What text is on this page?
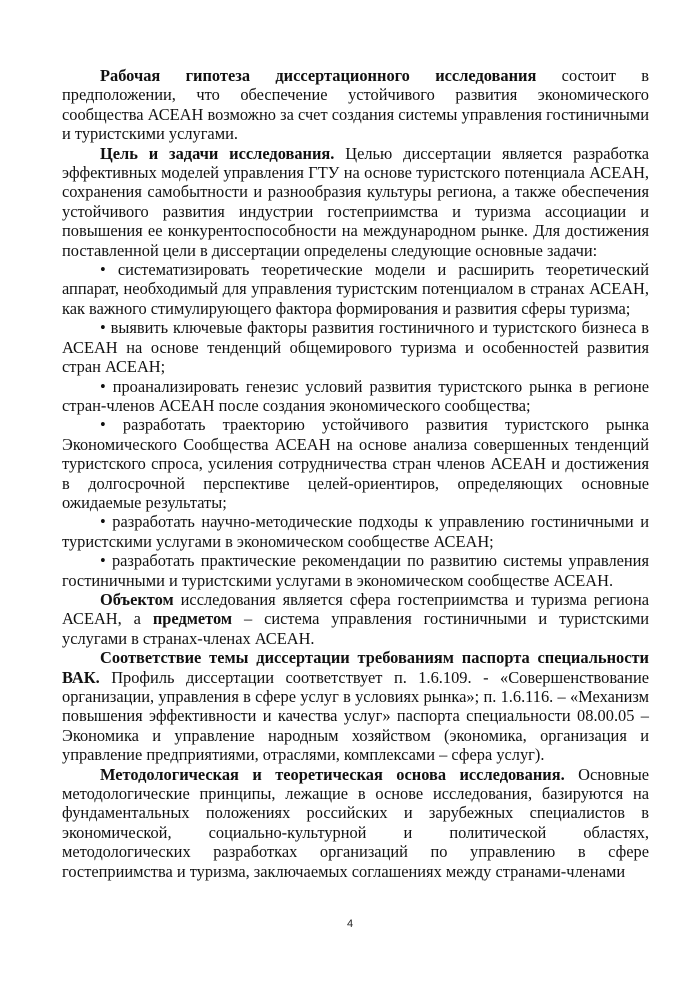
Рабочая гипотеза диссертационного исследования состоит в предположении, что обеспечение устойчивого развития экономического сообщества АСЕАН возможно за счет создания системы управления гостиничными и туристскими услугами.

Цель и задачи исследования. Целью диссертации является разработка эффективных моделей управления ГТУ на основе туристского потенциала АСЕАН, сохранения самобытности и разнообразия культуры региона, а также обеспечения устойчивого развития индустрии гостеприимства и туризма ассоциации и повышения ее конкурентоспособности на международном рынке. Для достижения поставленной цели в диссертации определены следующие основные задачи:

• систематизировать теоретические модели и расширить теоретический аппарат, необходимый для управления туристским потенциалом в странах АСЕАН, как важного стимулирующего фактора формирования и развития сферы туризма;

• выявить ключевые факторы развития гостиничного и туристского бизнеса в АСЕАН на основе тенденций общемирового туризма и особенностей развития стран АСЕАН;

• проанализировать генезис условий развития туристского рынка в регионе стран-членов АСЕАН после создания экономического сообщества;

• разработать траекторию устойчивого развития туристского рынка Экономического Сообщества АСЕАН на основе анализа совершенных тенденций туристского спроса, усиления сотрудничества стран членов АСЕАН и достижения в долгосрочной перспективе целей-ориентиров, определяющих основные ожидаемые результаты;

• разработать научно-методические подходы к управлению гостиничными и туристскими услугами в экономическом сообществе АСЕАН;

• разработать практические рекомендации по развитию системы управления гостиничными и туристскими услугами в экономическом сообществе АСЕАН.

Объектом исследования является сфера гостеприимства и туризма региона АСЕАН, а предметом – система управления гостиничными и туристскими услугами в странах-членах АСЕАН.

Соответствие темы диссертации требованиям паспорта специальности ВАК. Профиль диссертации соответствует п. 1.6.109. - «Совершенствование организации, управления в сфере услуг в условиях рынка»; п. 1.6.116. – «Механизм повышения эффективности и качества услуг» паспорта специальности 08.00.05 – Экономика и управление народным хозяйством (экономика, организация и управление предприятиями, отраслями, комплексами – сфера услуг).

Методологическая и теоретическая основа исследования. Основные методологические принципы, лежащие в основе исследования, базируются на фундаментальных положениях российских и зарубежных специалистов в экономической, социально-культурной и политической областях, методологических разработках организаций по управлению в сфере гостеприимства и туризма, заключаемых соглашениях между странами-членами

4
